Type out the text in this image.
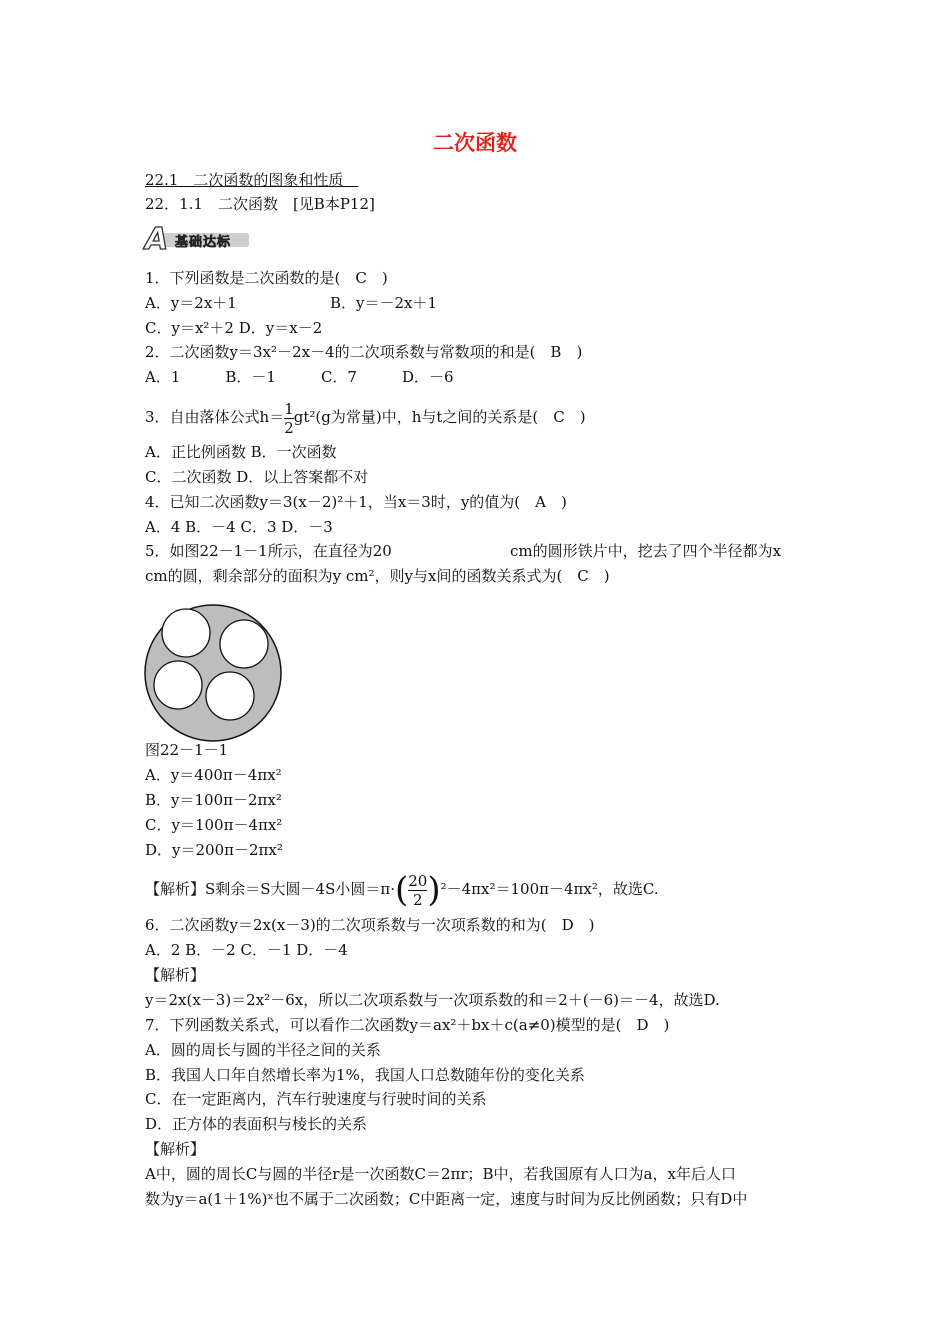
二次函数
22.1　二次函数的图象和性质　
22．1.1　二次函数　[见B本P12]
A 基础达标
1．下列函数是二次函数的是(　C　)
A．y＝2x＋1	B．y＝－2x＋1
C．y＝x²＋2 D．y＝x－2
2．二次函数y＝3x²－2x－4的二次项系数与常数项的和是(　B　)
A．1　　　B．－1　　　C．7　　　D．－6
3．自由落体公式$h= \frac{1}{2} gt^2(g$为常量)中，h与t之间的关系是(　C　)
A．正比例函数 B．一次函数
C．二次函数 D．以上答案都不对
4．已知二次函数y＝3(x－2)²＋1，当x＝3时，y的值为(　A　)
A．4 B．－4 C．3 D．－3
5．如图22－1－1所示，在直径为20	cm的圆形铁片中，挖去了四个半径都为x
cm的圆，剩余部分的面积为y cm²，则y与x间的函数关系式为(　C　)
图22－1－1
A．y＝400π－4πx²
B．y＝100π－2πx²
C．y＝100π－4πx²
D．y＝200π－2πx²
【解析】S剩余＝S大圆－4S小圆$=\pi\cdot( \frac{20}{2} )^2-4\pi x^2=100\pi-4\pi x^2$，故选C.
6．二次函数y＝2x(x－3)的二次项系数与一次项系数的和为(　D　)
A．2 B．－2 C．－1 D．－4
【解析】
y＝2x(x－3)＝2x²－6x，所以二次项系数与一次项系数的和＝2＋(－6)＝－4，故选D.
7．下列函数关系式，可以看作二次函数y＝ax²＋bx＋c(a≠0)模型的是(　D　)
A．圆的周长与圆的半径之间的关系
B．我国人口年自然增长率为1%，我国人口总数随年份的变化关系
C．在一定距离内，汽车行驶速度与行驶时间的关系
D．正方体的表面积与棱长的关系
【解析】
A中，圆的周长C与圆的半径r是一次函数C＝2πr；B中，若我国原有人口为a，x年后人口
数为y＝a(1＋1%)ˣ也不属于二次函数；C中距离一定，速度与时间为反比例函数；只有D中
